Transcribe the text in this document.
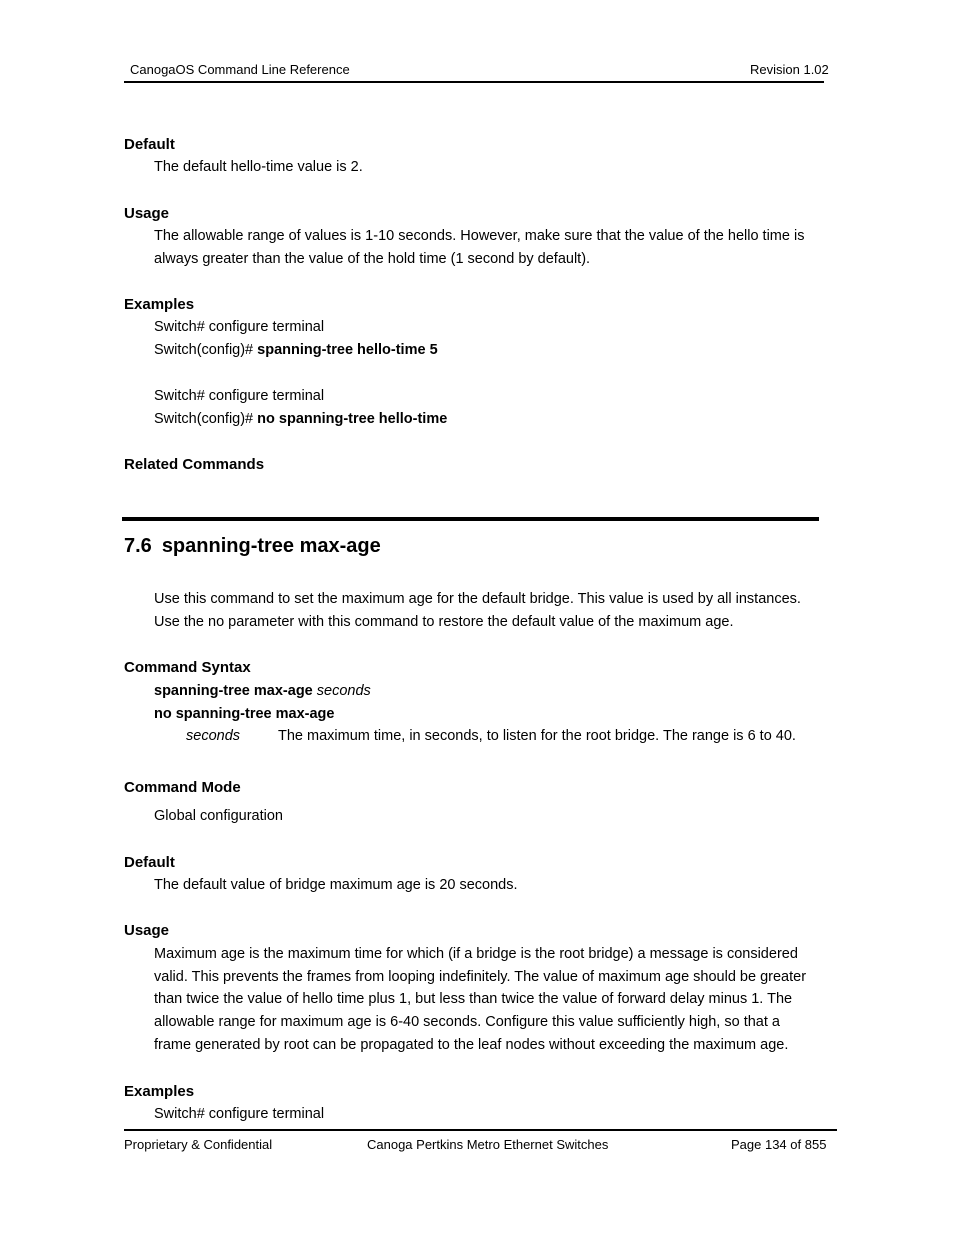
CanogaOS Command Line Reference	Revision 1.02
Default
The default hello-time value is 2.
Usage
The allowable range of values is 1-10 seconds. However, make sure that the value of the hello time is
always greater than the value of the hold time (1 second by default).
Examples
Switch# configure terminal
Switch(config)# spanning-tree hello-time 5
Switch# configure terminal
Switch(config)# no spanning-tree hello-time
Related Commands
7.6 spanning-tree max-age
Use this command to set the maximum age for the default bridge. This value is used by all instances.
Use the no parameter with this command to restore the default value of the maximum age.
Command Syntax
spanning-tree max-age seconds
no spanning-tree max-age
seconds	The maximum time, in seconds, to listen for the root bridge. The range is 6 to 40.
Command Mode
Global configuration
Default
The default value of bridge maximum age is 20 seconds.
Usage
Maximum age is the maximum time for which (if a bridge is the root bridge) a message is considered
valid. This prevents the frames from looping indefinitely. The value of maximum age should be greater
than twice the value of hello time plus 1, but less than twice the value of forward delay minus 1. The
allowable range for maximum age is 6-40 seconds. Configure this value sufficiently high, so that a
frame generated by root can be propagated to the leaf nodes without exceeding the maximum age.
Examples
Switch# configure terminal
Proprietary & Confidential	Canoga Pertkins Metro Ethernet Switches	Page 134 of 855
